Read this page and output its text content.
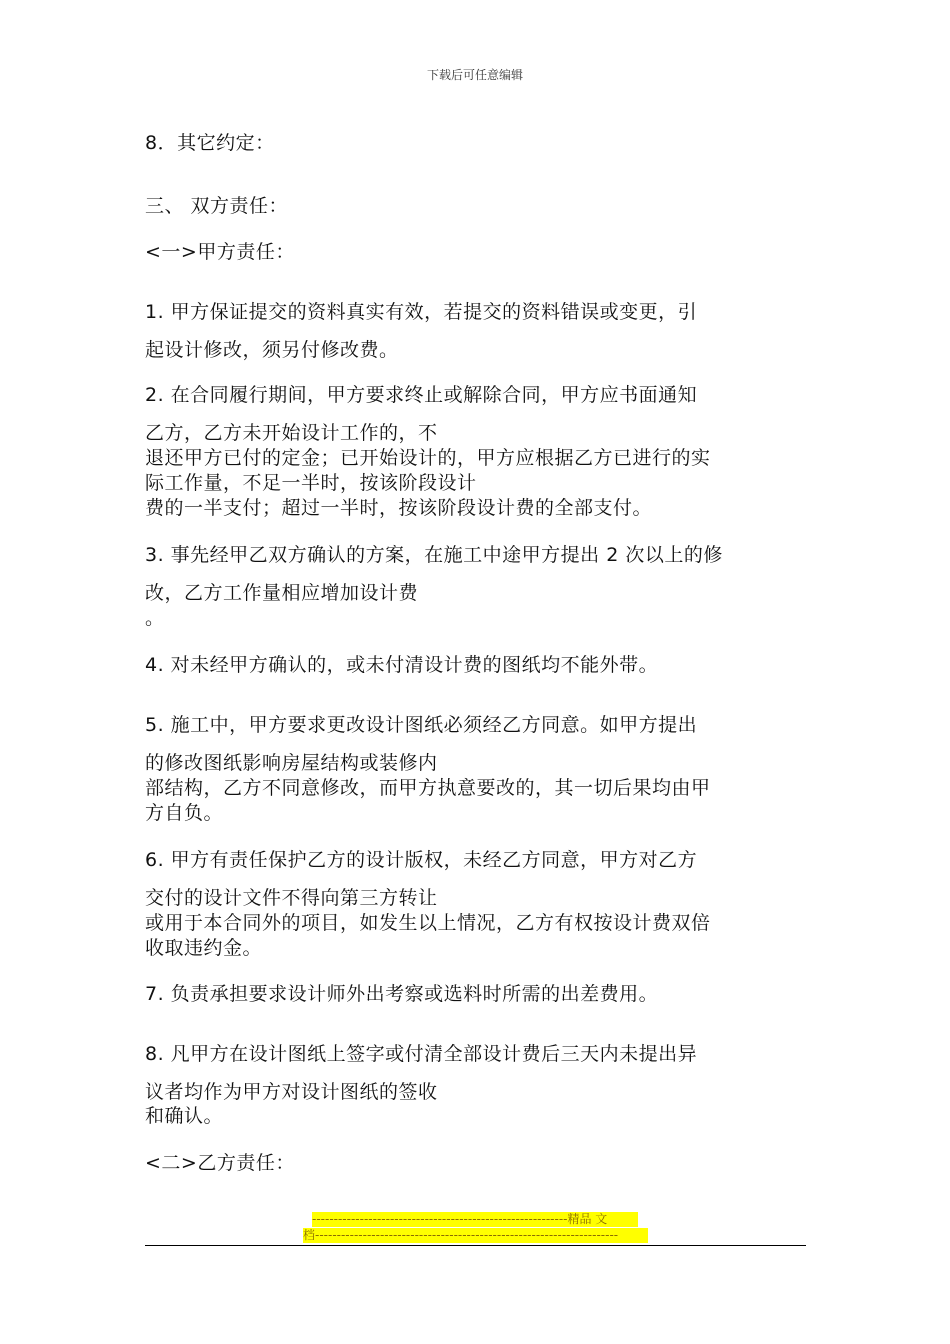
下载后可任意编辑
8．其它约定：
三、 双方责任：
<一>甲方责任：
1. 甲方保证提交的资料真实有效，若提交的资料错误或变更，引
起设计修改，须另付修改费。
2. 在合同履行期间，甲方要求终止或解除合同，甲方应书面通知
乙方，乙方未开始设计工作的，不
退还甲方已付的定金；已开始设计的，甲方应根据乙方已进行的实
际工作量，不足一半时，按该阶段设计
费的一半支付；超过一半时，按该阶段设计费的全部支付。
3. 事先经甲乙双方确认的方案，在施工中途甲方提出 2 次以上的修
改，乙方工作量相应增加设计费
。
4. 对未经甲方确认的，或未付清设计费的图纸均不能外带。
5. 施工中，甲方要求更改设计图纸必须经乙方同意。如甲方提出
的修改图纸影响房屋结构或装修内
部结构，乙方不同意修改，而甲方执意要改的，其一切后果均由甲
方自负。
6. 甲方有责任保护乙方的设计版权，未经乙方同意，甲方对乙方
交付的设计文件不得向第三方转让
或用于本合同外的项目，如发生以上情况，乙方有权按设计费双倍
收取违约金。
7. 负责承担要求设计师外出考察或选料时所需的出差费用。
8. 凡甲方在设计图纸上签字或付清全部设计费后三天内未提出异
议者均作为甲方对设计图纸的签收
和确认。
<二>乙方责任：
-----------------------------------------------------------精品 文
档----------------------------------------------------------------------
